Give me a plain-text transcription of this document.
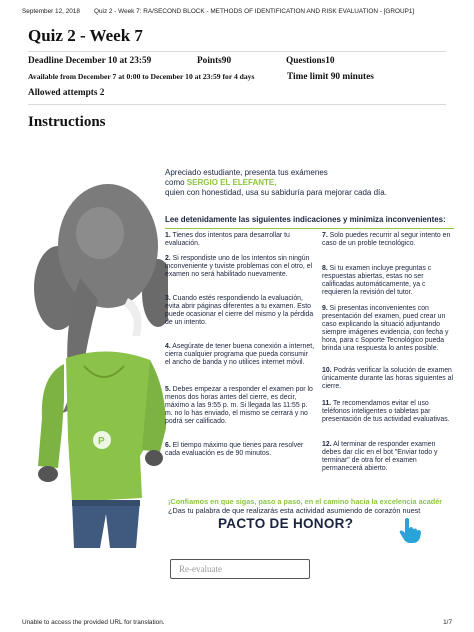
September 12, 2018 Quiz 2 - Week 7: RA/SECOND BLOCK - METHODS OF IDENTIFICATION AND RISK EVALUATION - [GROUP1]
Quiz 2 - Week 7
Deadline December 10 at 23:59	Points90	Questions10
Available from December 7 at 0:00 to December 10 at 23:59 for 4 days	Time limit 90 minutes
Allowed attempts 2
Instructions
P
Apreciado estudiante, presenta tus exámenes
como SERGIO EL ELEFANTE,
quien con honestidad, usa su sabiduría para mejorar cada día.
Lee detenidamente las siguientes indicaciones y minimiza inconvenientes:
1. Tienes dos intentos para desarrollar tu evaluación.
2. Si respondiste uno de los intentos sin ningún inconveniente y tuviste problemas con el otro, el examen no será habilitado nuevamente.
3. Cuando estés respondiendo la evaluación, evita abrir páginas diferentes a tu examen. Esto puede ocasionar el cierre del mismo y la pérdida de un intento.
4. Asegúrate de tener buena conexión a internet, cierra cualquier programa que pueda consumir el ancho de banda y no utilices internet móvil.
5. Debes empezar a responder el examen por lo menos dos horas antes del cierre, es decir, máximo a las 9:55 p. m. Si llegada las 11:55 p. m. no lo has enviado, el mismo se cerrará y no podrá ser calificado.
6. El tiempo máximo que tienes para resolver cada evaluación es de 90 minutos.
7. Solo puedes recurrir al segur intento en caso de un proble tecnológico.
8. Si tu examen incluye preguntas c respuestas abiertas, estas no ser calificadas automáticamente, ya c requieren la revisión del tutor.
9. Si presentas inconvenientes con presentación del examen, pued crear un caso explicando la situació adjuntando siempre imágenes evidencia, con fecha y hora, para c Soporte Tecnológico pueda brinda una respuesta lo antes posible.
10. Podrás verificar la solución de examen únicamente durante las horas siguientes al cierre.
11. Te recomendamos evitar el uso teléfonos inteligentes o tabletas par presentación de tus actividad evaluativas.
12. Al terminar de responder examen debes dar clic en el bot "Enviar todo y terminar" de otra for el examen permanecerá abierto.
¡Confiamos en que sigas, paso a paso, en el camino hacia la excelencia acadér
¿Das tu palabra de que realizarás esta actividad asumiendo de corazón nuest
PACTO DE HONOR?
Re-evaluate
Unable to access the provided URL for translation.	1/7
